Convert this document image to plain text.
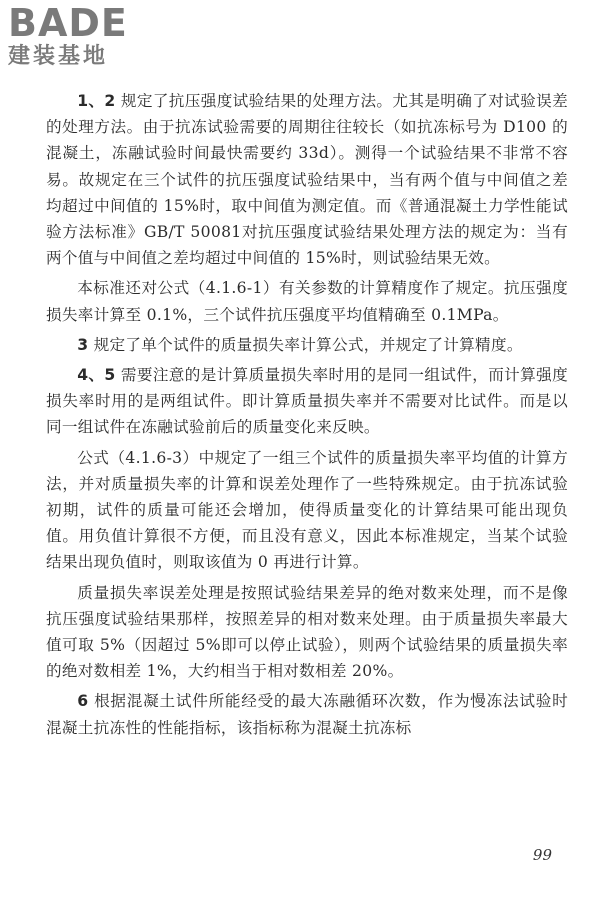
BADE
建装基地

1、2 规定了抗压强度试验结果的处理方法。尤其是明确了对试验误差的处理方法。由于抗冻试验需要的周期往往较长（如抗冻标号为 D100 的混凝土，冻融试验时间最快需要约 33d）。测得一个试验结果不非常不容易。故规定在三个试件的抗压强度试验结果中，当有两个值与中间值之差均超过中间值的 15%时，取中间值为测定值。而《普通混凝土力学性能试验方法标准》GB/T 50081对抗压强度试验结果处理方法的规定为：当有两个值与中间值之差均超过中间值的 15%时，则试验结果无效。

本标准还对公式（4.1.6-1）有关参数的计算精度作了规定。抗压强度损失率计算至 0.1%，三个试件抗压强度平均值精确至 0.1MPa。

3 规定了单个试件的质量损失率计算公式，并规定了计算精度。

4、5 需要注意的是计算质量损失率时用的是同一组试件，而计算强度损失率时用的是两组试件。即计算质量损失率并不需要对比试件。而是以同一组试件在冻融试验前后的质量变化来反映。

公式（4.1.6-3）中规定了一组三个试件的质量损失率平均值的计算方法，并对质量损失率的计算和误差处理作了一些特殊规定。由于抗冻试验初期，试件的质量可能还会增加，使得质量变化的计算结果可能出现负值。用负值计算很不方便，而且没有意义，因此本标准规定，当某个试验结果出现负值时，则取该值为 0 再进行计算。

质量损失率误差处理是按照试验结果差异的绝对数来处理，而不是像抗压强度试验结果那样，按照差异的相对数来处理。由于质量损失率最大值可取 5%（因超过 5%即可以停止试验），则两个试验结果的质量损失率的绝对数相差 1%，大约相当于相对数相差 20%。

6 根据混凝土试件所能经受的最大冻融循环次数，作为慢冻法试验时混凝土抗冻性的性能指标，该指标称为混凝土抗冻标

99
